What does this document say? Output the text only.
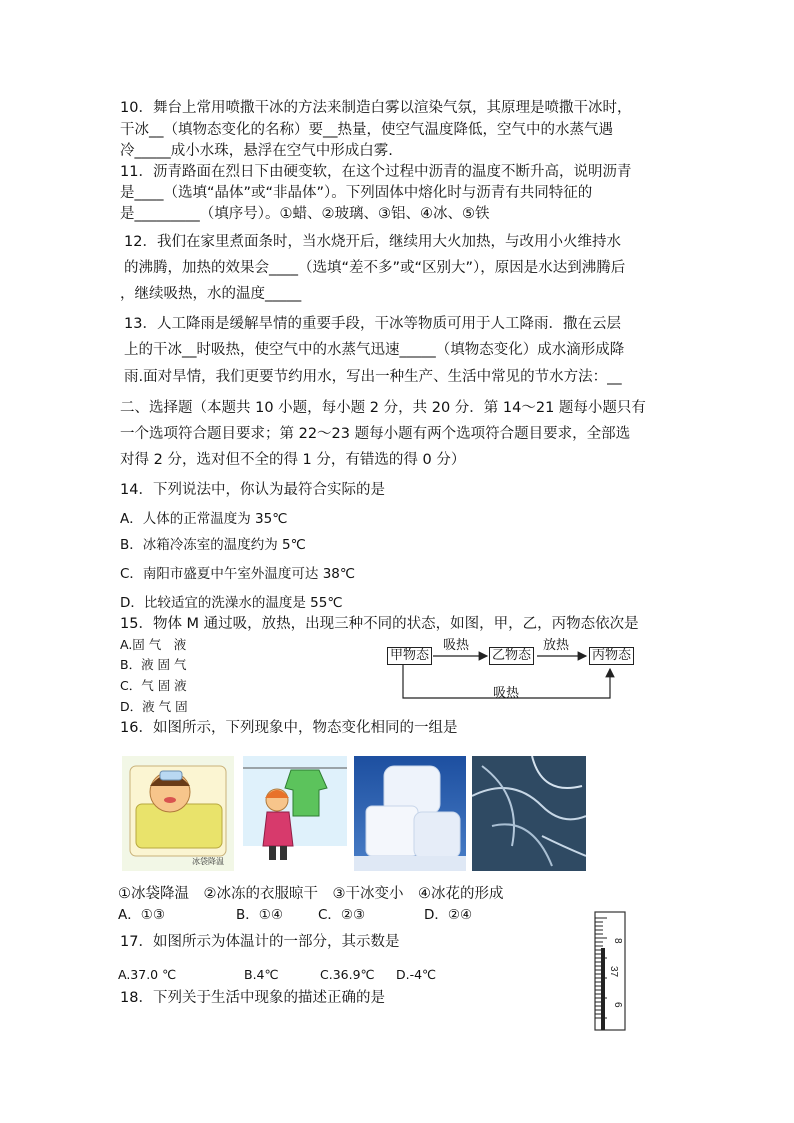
10．舞台上常用喷撒干冰的方法来制造白雾以渲染气氛，其原理是喷撒干冰时，
干冰__（填物态变化的名称）要__热量，使空气温度降低，空气中的水蒸气遇
冷_____成小水珠，悬浮在空气中形成白雾.
11．沥青路面在烈日下由硬变软，在这个过程中沥青的温度不断升高，说明沥青
是____（选填“晶体”或“非晶体”）。下列固体中熔化时与沥青有共同特征的
是_________（填序号）。①蜡、②玻璃、③铝、④冰、⑤铁
12．我们在家里煮面条时，当水烧开后，继续用大火加热，与改用小火维持水
的沸腾，加热的效果会____（选填“差不多”或“区别大”），原因是水达到沸腾后
，继续吸热，水的温度_____
13．人工降雨是缓解旱情的重要手段，干冰等物质可用于人工降雨．撒在云层
上的干冰__时吸热，使空气中的水蒸气迅速_____（填物态变化）成水滴形成降
雨.面对旱情，我们更要节约用水，写出一种生产、生活中常见的节水方法：__
二、选择题（本题共 10 小题，每小题 2 分，共 20 分．第 14～21 题每小题只有
一个选项符合题目要求；第 22～23 题每小题有两个选项符合题目要求，全部选
对得 2 分，选对但不全的得 1 分，有错选的得 0 分）
14．下列说法中，你认为最符合实际的是
A．人体的正常温度为 35℃
B．冰箱冷冻室的温度约为 5℃
C．南阳市盛夏中午室外温度可达 38℃
D．比较适宜的洗澡水的温度是 55℃
15．物体 M 通过吸，放热，出现三种不同的状态，如图，甲，乙，丙物态依次是
A.固 气　液
B．液 固 气
C．气 固 液
D．液 气 固
甲物态	乙物态	丙物态
吸热	放热
吸热
16．如图所示，下列现象中，物态变化相同的一组是
冰袋降温
①冰袋降温　②冰冻的衣服晾干　③干冰变小　④冰花的形成
A．①③	B．①④	C．②③	D．②④
17．如图所示为体温计的一部分，其示数是
A.37.0 ℃	B.4℃	C.36.9℃ D.-4℃
8
37
6
18．下列关于生活中现象的描述正确的是
